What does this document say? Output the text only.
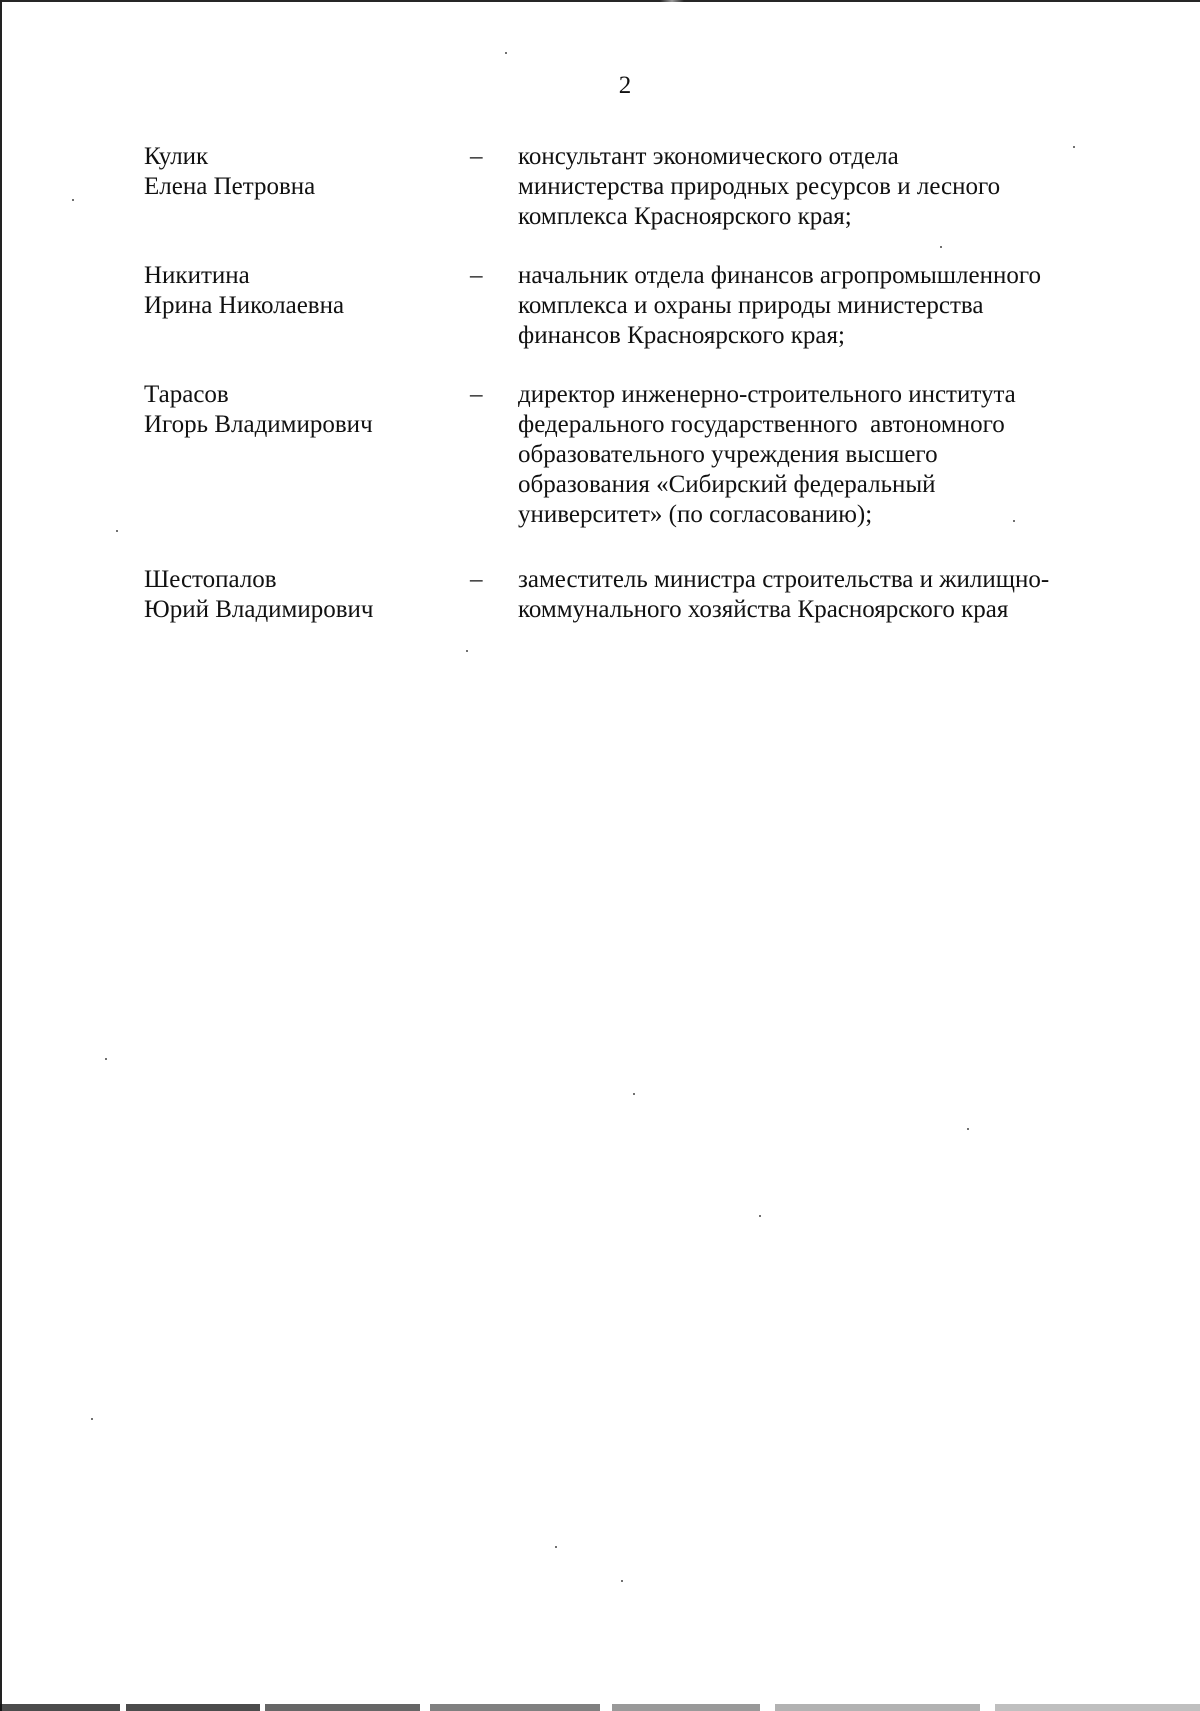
2
Кулик
Елена Петровна
– консультант экономического отдела
министерства природных ресурсов и лесного
комплекса Красноярского края;
Никитина
Ирина Николаевна
– начальник отдела финансов агропромышленного
комплекса и охраны природы министерства
финансов Красноярского края;
Тарасов
Игорь Владимирович
– директор инженерно-строительного института
федерального государственного  автономного
образовательного учреждения высшего
образования «Сибирский федеральный
университет» (по согласованию);
Шестопалов
Юрий Владимирович
– заместитель министра строительства и жилищно-
коммунального хозяйства Красноярского края
